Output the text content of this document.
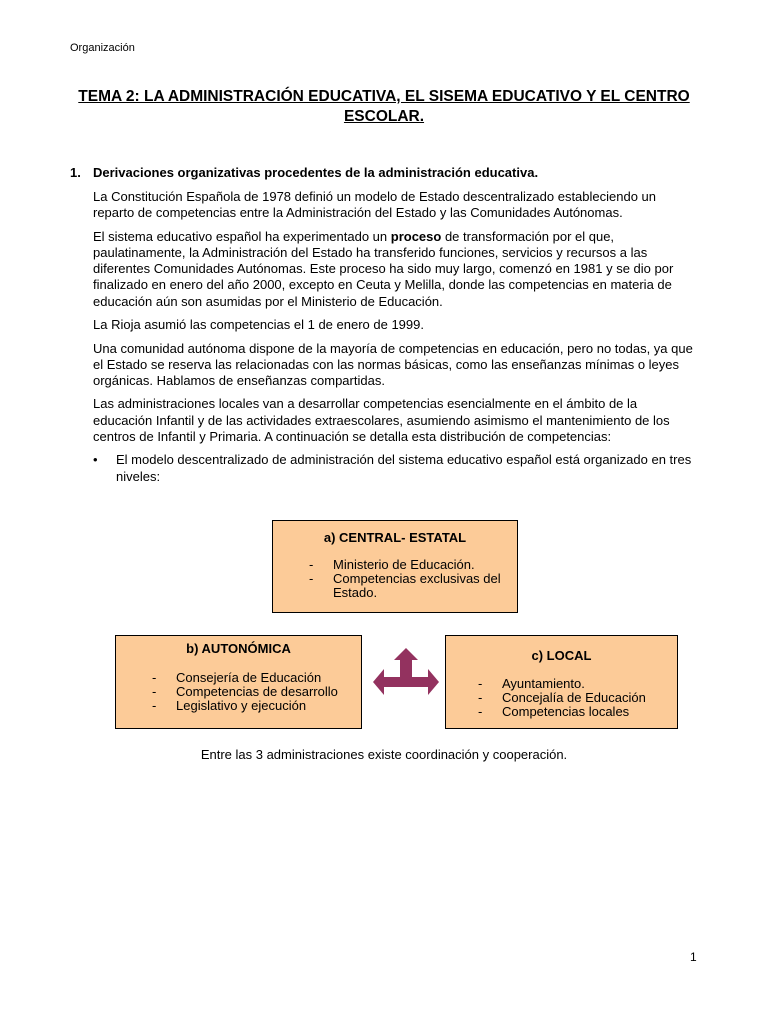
Organización
TEMA 2: LA ADMINISTRACIÓN EDUCATIVA, EL SISEMA EDUCATIVO Y EL CENTRO ESCOLAR.
1. Derivaciones organizativas procedentes de la administración educativa.

La Constitución Española de 1978 definió un modelo de Estado descentralizado estableciendo un reparto de competencias entre la Administración del Estado y las Comunidades Autónomas.

El sistema educativo español ha experimentado un proceso de transformación por el que, paulatinamente, la Administración del Estado ha transferido funciones, servicios y recursos a las diferentes Comunidades Autónomas. Este proceso ha sido muy largo, comenzó en 1981 y se dio por finalizado en enero del año 2000, excepto en Ceuta y Melilla, donde las competencias en materia de educación aún son asumidas por el Ministerio de Educación.

La Rioja asumió las competencias el 1 de enero de 1999.

Una comunidad autónoma dispone de la mayoría de competencias en educación, pero no todas, ya que el Estado se reserva las relacionadas con las normas básicas, como las enseñanzas mínimas o leyes orgánicas. Hablamos de enseñanzas compartidas.

Las administraciones locales van a desarrollar competencias esencialmente en el ámbito de la educación Infantil y de las actividades extraescolares, asumiendo asimismo el mantenimiento de los centros de Infantil y Primaria. A continuación se detalla esta distribución de competencias:

• El modelo descentralizado de administración del sistema educativo español está organizado en tres niveles:
a) CENTRAL- ESTATAL
- Ministerio de Educación.
- Competencias exclusivas del Estado.
b) AUTONÓMICA
- Consejería de Educación
- Competencias de desarrollo
- Legislativo y ejecución
c) LOCAL
- Ayuntamiento.
- Concejalía de Educación
- Competencias locales
Entre las 3 administraciones existe coordinación y cooperación.
1
